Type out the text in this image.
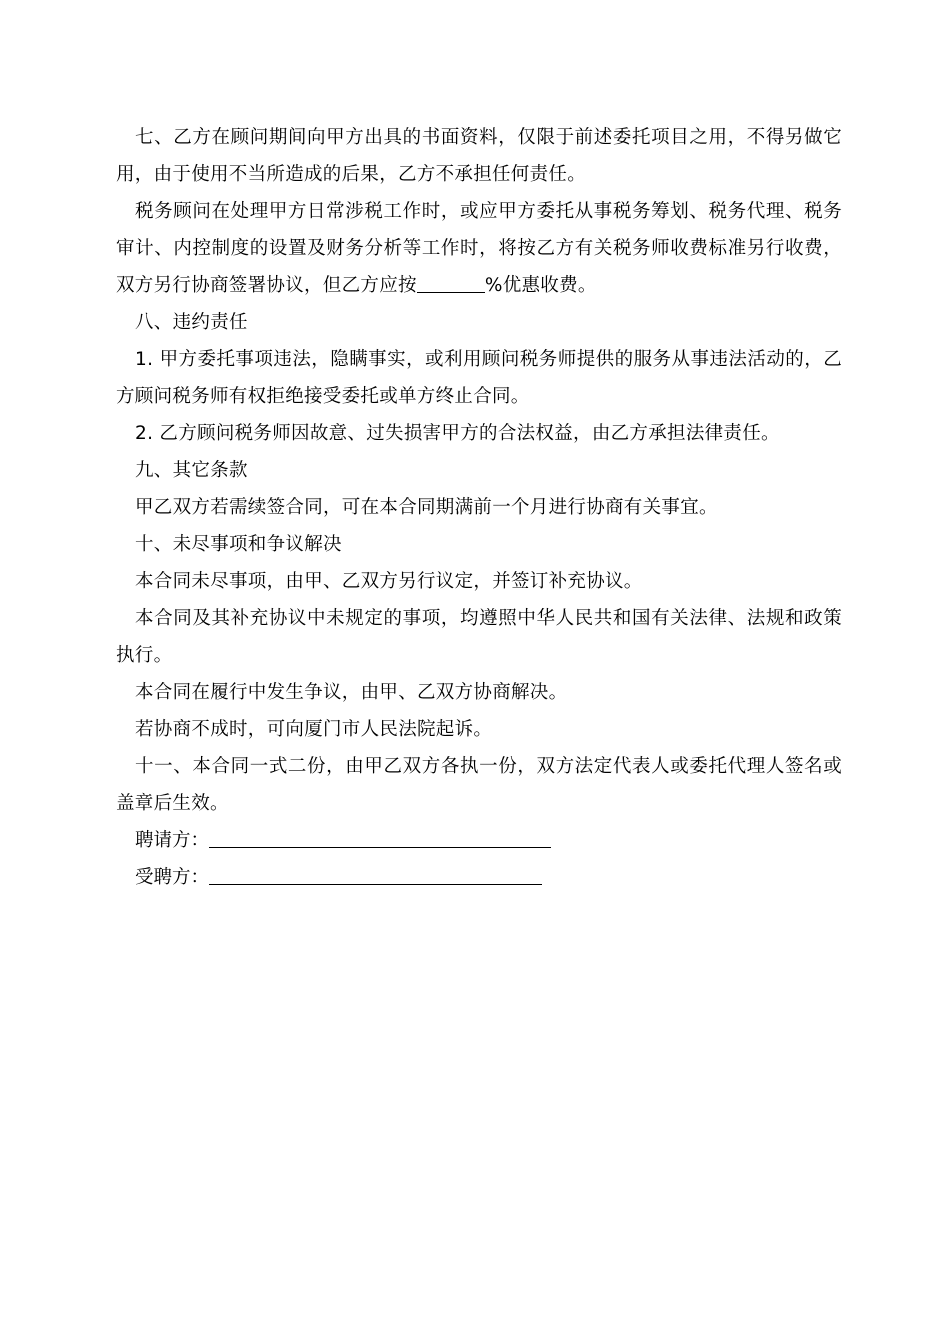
七、乙方在顾问期间向甲方出具的书面资料，仅限于前述委托项目之用，不得另做它用，由于使用不当所造成的后果，乙方不承担任何责任。

税务顾问在处理甲方日常涉税工作时，或应甲方委托从事税务筹划、税务代理、税务审计、内控制度的设置及财务分析等工作时，将按乙方有关税务师收费标准另行收费，双方另行协商签署协议，但乙方应按	%优惠收费。

八、违约责任

1. 甲方委托事项违法，隐瞒事实，或利用顾问税务师提供的服务从事违法活动的，乙方顾问税务师有权拒绝接受委托或单方终止合同。

2. 乙方顾问税务师因故意、过失损害甲方的合法权益，由乙方承担法律责任。

九、其它条款

甲乙双方若需续签合同，可在本合同期满前一个月进行协商有关事宜。

十、未尽事项和争议解决

本合同未尽事项，由甲、乙双方另行议定，并签订补充协议。

本合同及其补充协议中未规定的事项，均遵照中华人民共和国有关法律、法规和政策执行。

本合同在履行中发生争议，由甲、乙双方协商解决。

若协商不成时，可向厦门市人民法院起诉。

十一、本合同一式二份，由甲乙双方各执一份，双方法定代表人或委托代理人签名或盖章后生效。

聘请方：

受聘方：
